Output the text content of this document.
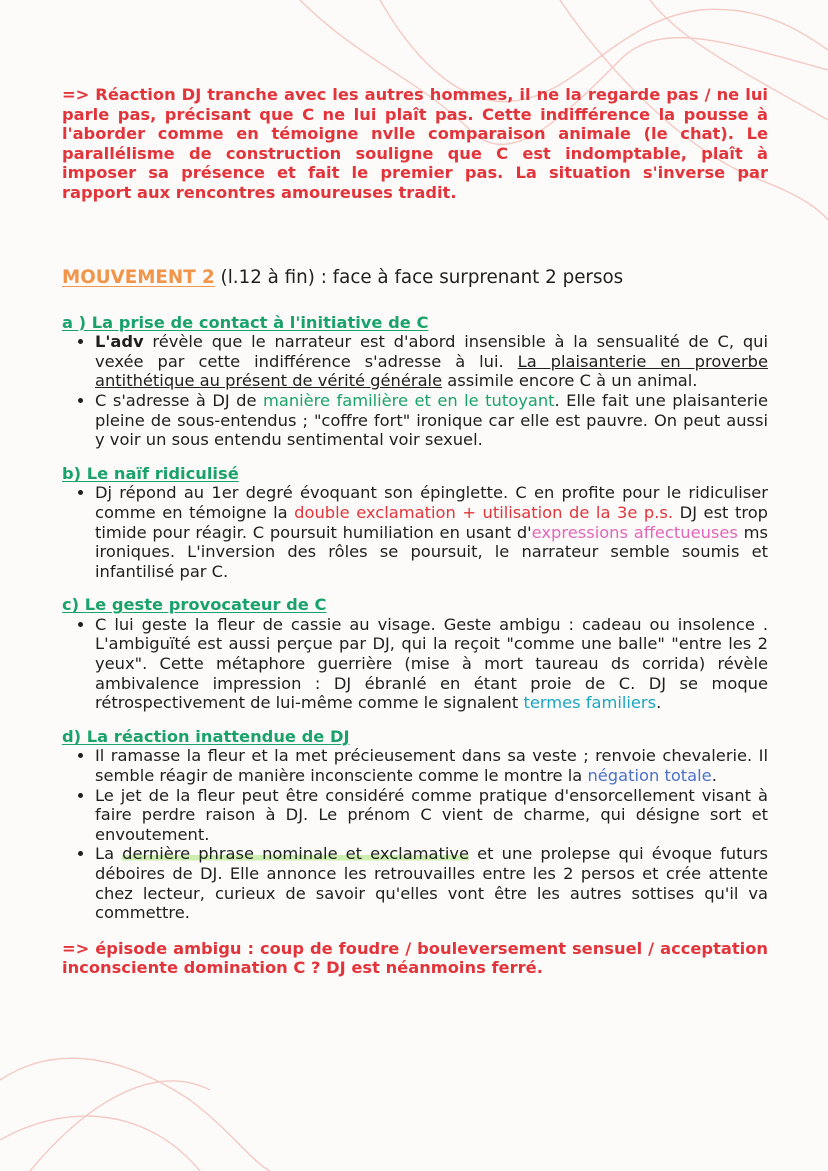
=> Réaction DJ tranche avec les autres hommes, il ne la regarde pas / ne lui parle pas, précisant que C ne lui plaît pas. Cette indifférence la pousse à l'aborder comme en témoigne nvlle comparaison animale (le chat). Le parallélisme de construction souligne que C est indomptable, plaît à imposer sa présence et fait le premier pas. La situation s'inverse par rapport aux rencontres amoureuses tradit.

MOUVEMENT 2 (l.12 à fin) : face à face surprenant 2 persos
a ) La prise de contact à l'initiative de C
• L'adv révèle que le narrateur est d'abord insensible à la sensualité de C, qui vexée par cette indifférence s'adresse à lui. La plaisanterie en proverbe antithétique au présent de vérité générale assimile encore C à un animal.
• C s'adresse à DJ de manière familière et en le tutoyant. Elle fait une plaisanterie pleine de sous-entendus ; "coffre fort" ironique car elle est pauvre. On peut aussi y voir un sous entendu sentimental voir sexuel.
b) Le naïf ridiculisé
• Dj répond au 1er degré évoquant son épinglette. C en profite pour le ridiculiser comme en témoigne la double exclamation + utilisation de la 3e p.s. DJ est trop timide pour réagir. C poursuit humiliation en usant d'expressions affectueuses ms ironiques. L'inversion des rôles se poursuit, le narrateur semble soumis et infantilisé par C.
c) Le geste provocateur de C
• C lui geste la fleur de cassie au visage. Geste ambigu : cadeau ou insolence . L'ambiguïté est aussi perçue par DJ, qui la reçoit "comme une balle" "entre les 2 yeux". Cette métaphore guerrière (mise à mort taureau ds corrida) révèle ambivalence impression : DJ ébranlé en étant proie de C. DJ se moque rétrospectivement de lui-même comme le signalent termes familiers.
d) La réaction inattendue de DJ
• Il ramasse la fleur et la met précieusement dans sa veste ; renvoie chevalerie. Il semble réagir de manière inconsciente comme le montre la négation totale.
• Le jet de la fleur peut être considéré comme pratique d'ensorcellement visant à faire perdre raison à DJ. Le prénom C vient de charme, qui désigne sort et envoutement.
• La dernière phrase nominale et exclamative et une prolepse qui évoque futurs déboires de DJ. Elle annonce les retrouvailles entre les 2 persos et crée attente chez lecteur, curieux de savoir qu'elles vont être les autres sottises qu'il va commettre.

=> épisode ambigu : coup de foudre / bouleversement sensuel / acceptation inconsciente domination C ? DJ est néanmoins ferré.
